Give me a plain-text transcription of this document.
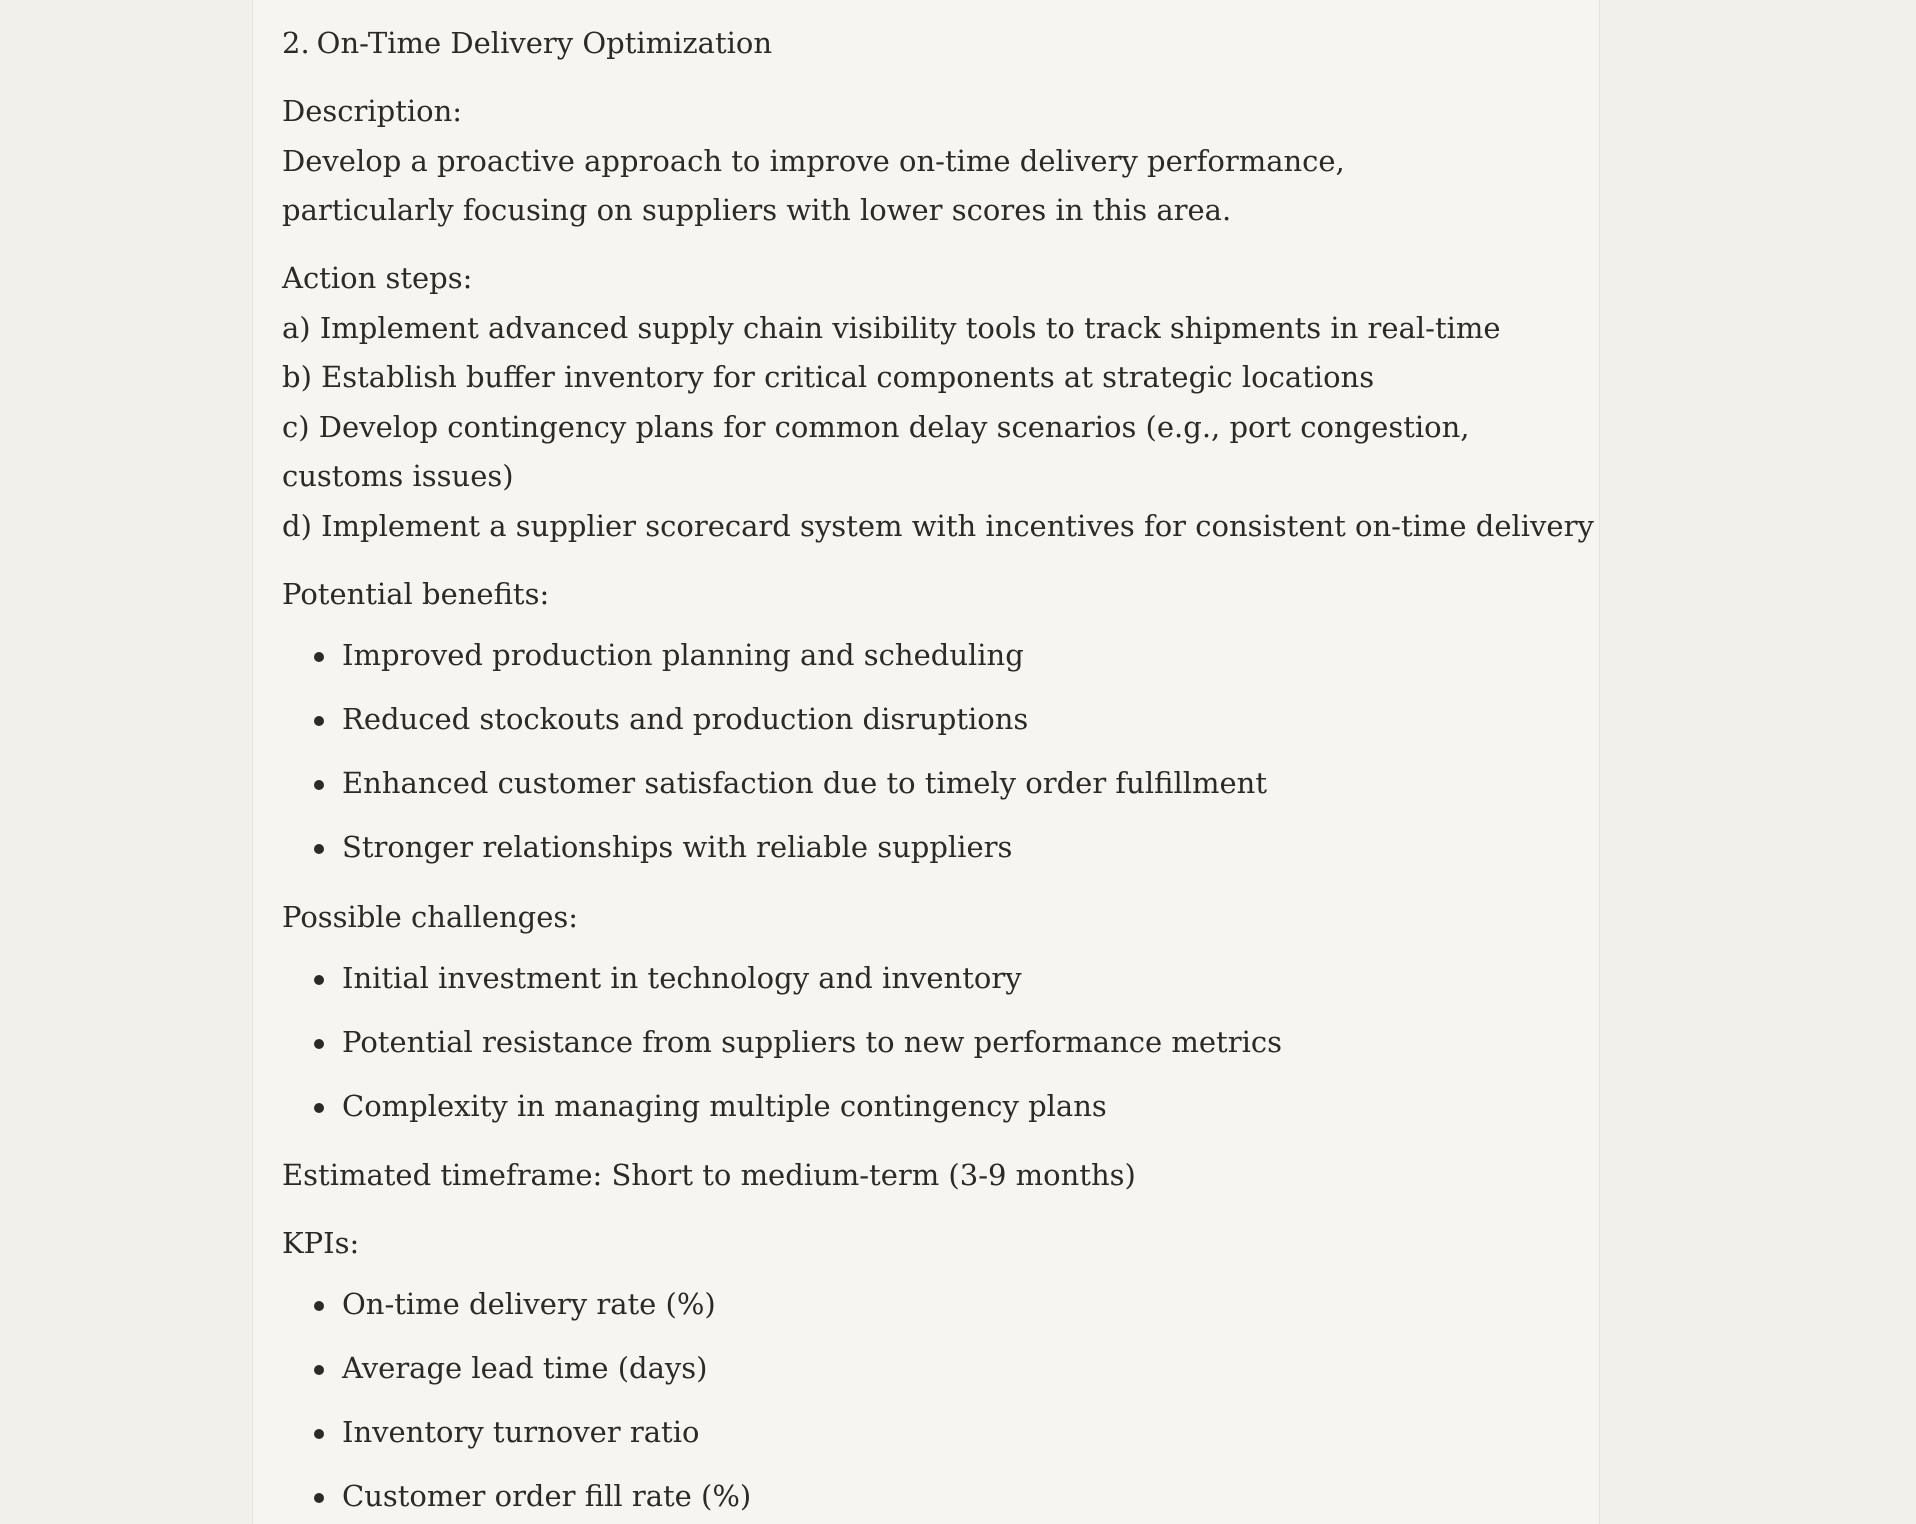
2. On-Time Delivery Optimization

Description:

Develop a proactive approach to improve on-time delivery performance, particularly focusing on suppliers with lower scores in this area.

Action steps:

a) Implement advanced supply chain visibility tools to track shipments in real-time

b) Establish buffer inventory for critical components at strategic locations

c) Develop contingency plans for common delay scenarios (e.g., port congestion, customs issues)

d) Implement a supplier scorecard system with incentives for consistent on-time delivery

Potential benefits:

Improved production planning and scheduling
Reduced stockouts and production disruptions
Enhanced customer satisfaction due to timely order fulfillment
Stronger relationships with reliable suppliers

Possible challenges:

Initial investment in technology and inventory
Potential resistance from suppliers to new performance metrics
Complexity in managing multiple contingency plans

Estimated timeframe: Short to medium-term (3-9 months)

KPIs:

On-time delivery rate (%)
Average lead time (days)
Inventory turnover ratio
Customer order fill rate (%)
